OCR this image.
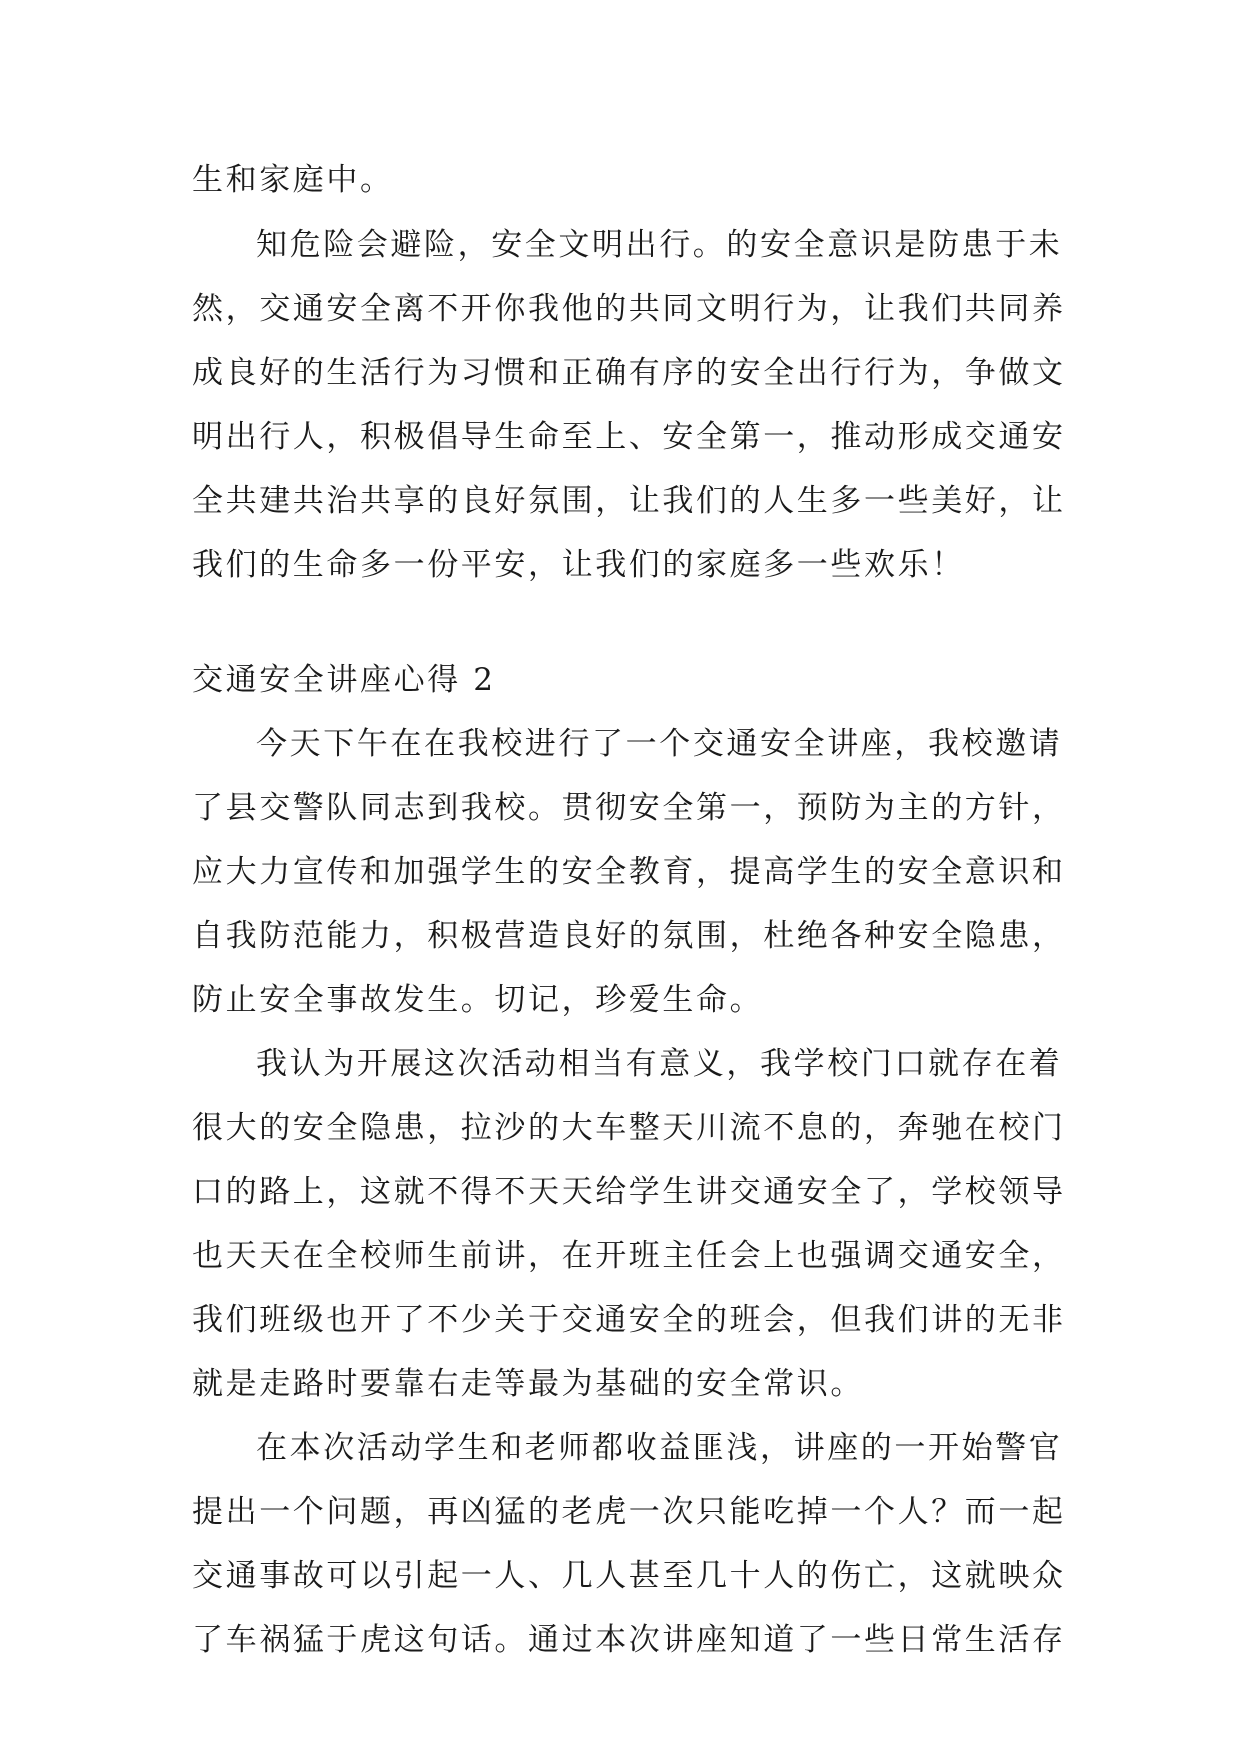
生和家庭中。
知危险会避险，安全文明出行。的安全意识是防患于未
然，交通安全离不开你我他的共同文明行为，让我们共同养
成良好的生活行为习惯和正确有序的安全出行行为，争做文
明出行人，积极倡导生命至上、安全第一，推动形成交通安
全共建共治共享的良好氛围，让我们的人生多一些美好，让
我们的生命多一份平安，让我们的家庭多一些欢乐！
交通安全讲座心得 2
今天下午在在我校进行了一个交通安全讲座，我校邀请
了县交警队同志到我校。贯彻安全第一，预防为主的方针，
应大力宣传和加强学生的安全教育，提高学生的安全意识和
自我防范能力，积极营造良好的氛围，杜绝各种安全隐患，
防止安全事故发生。切记，珍爱生命。
我认为开展这次活动相当有意义，我学校门口就存在着
很大的安全隐患，拉沙的大车整天川流不息的，奔驰在校门
口的路上，这就不得不天天给学生讲交通安全了，学校领导
也天天在全校师生前讲，在开班主任会上也强调交通安全，
我们班级也开了不少关于交通安全的班会，但我们讲的无非
就是走路时要靠右走等最为基础的安全常识。
在本次活动学生和老师都收益匪浅，讲座的一开始警官
提出一个问题，再凶猛的老虎一次只能吃掉一个人？而一起
交通事故可以引起一人、几人甚至几十人的伤亡，这就映众
了车祸猛于虎这句话。通过本次讲座知道了一些日常生活存
